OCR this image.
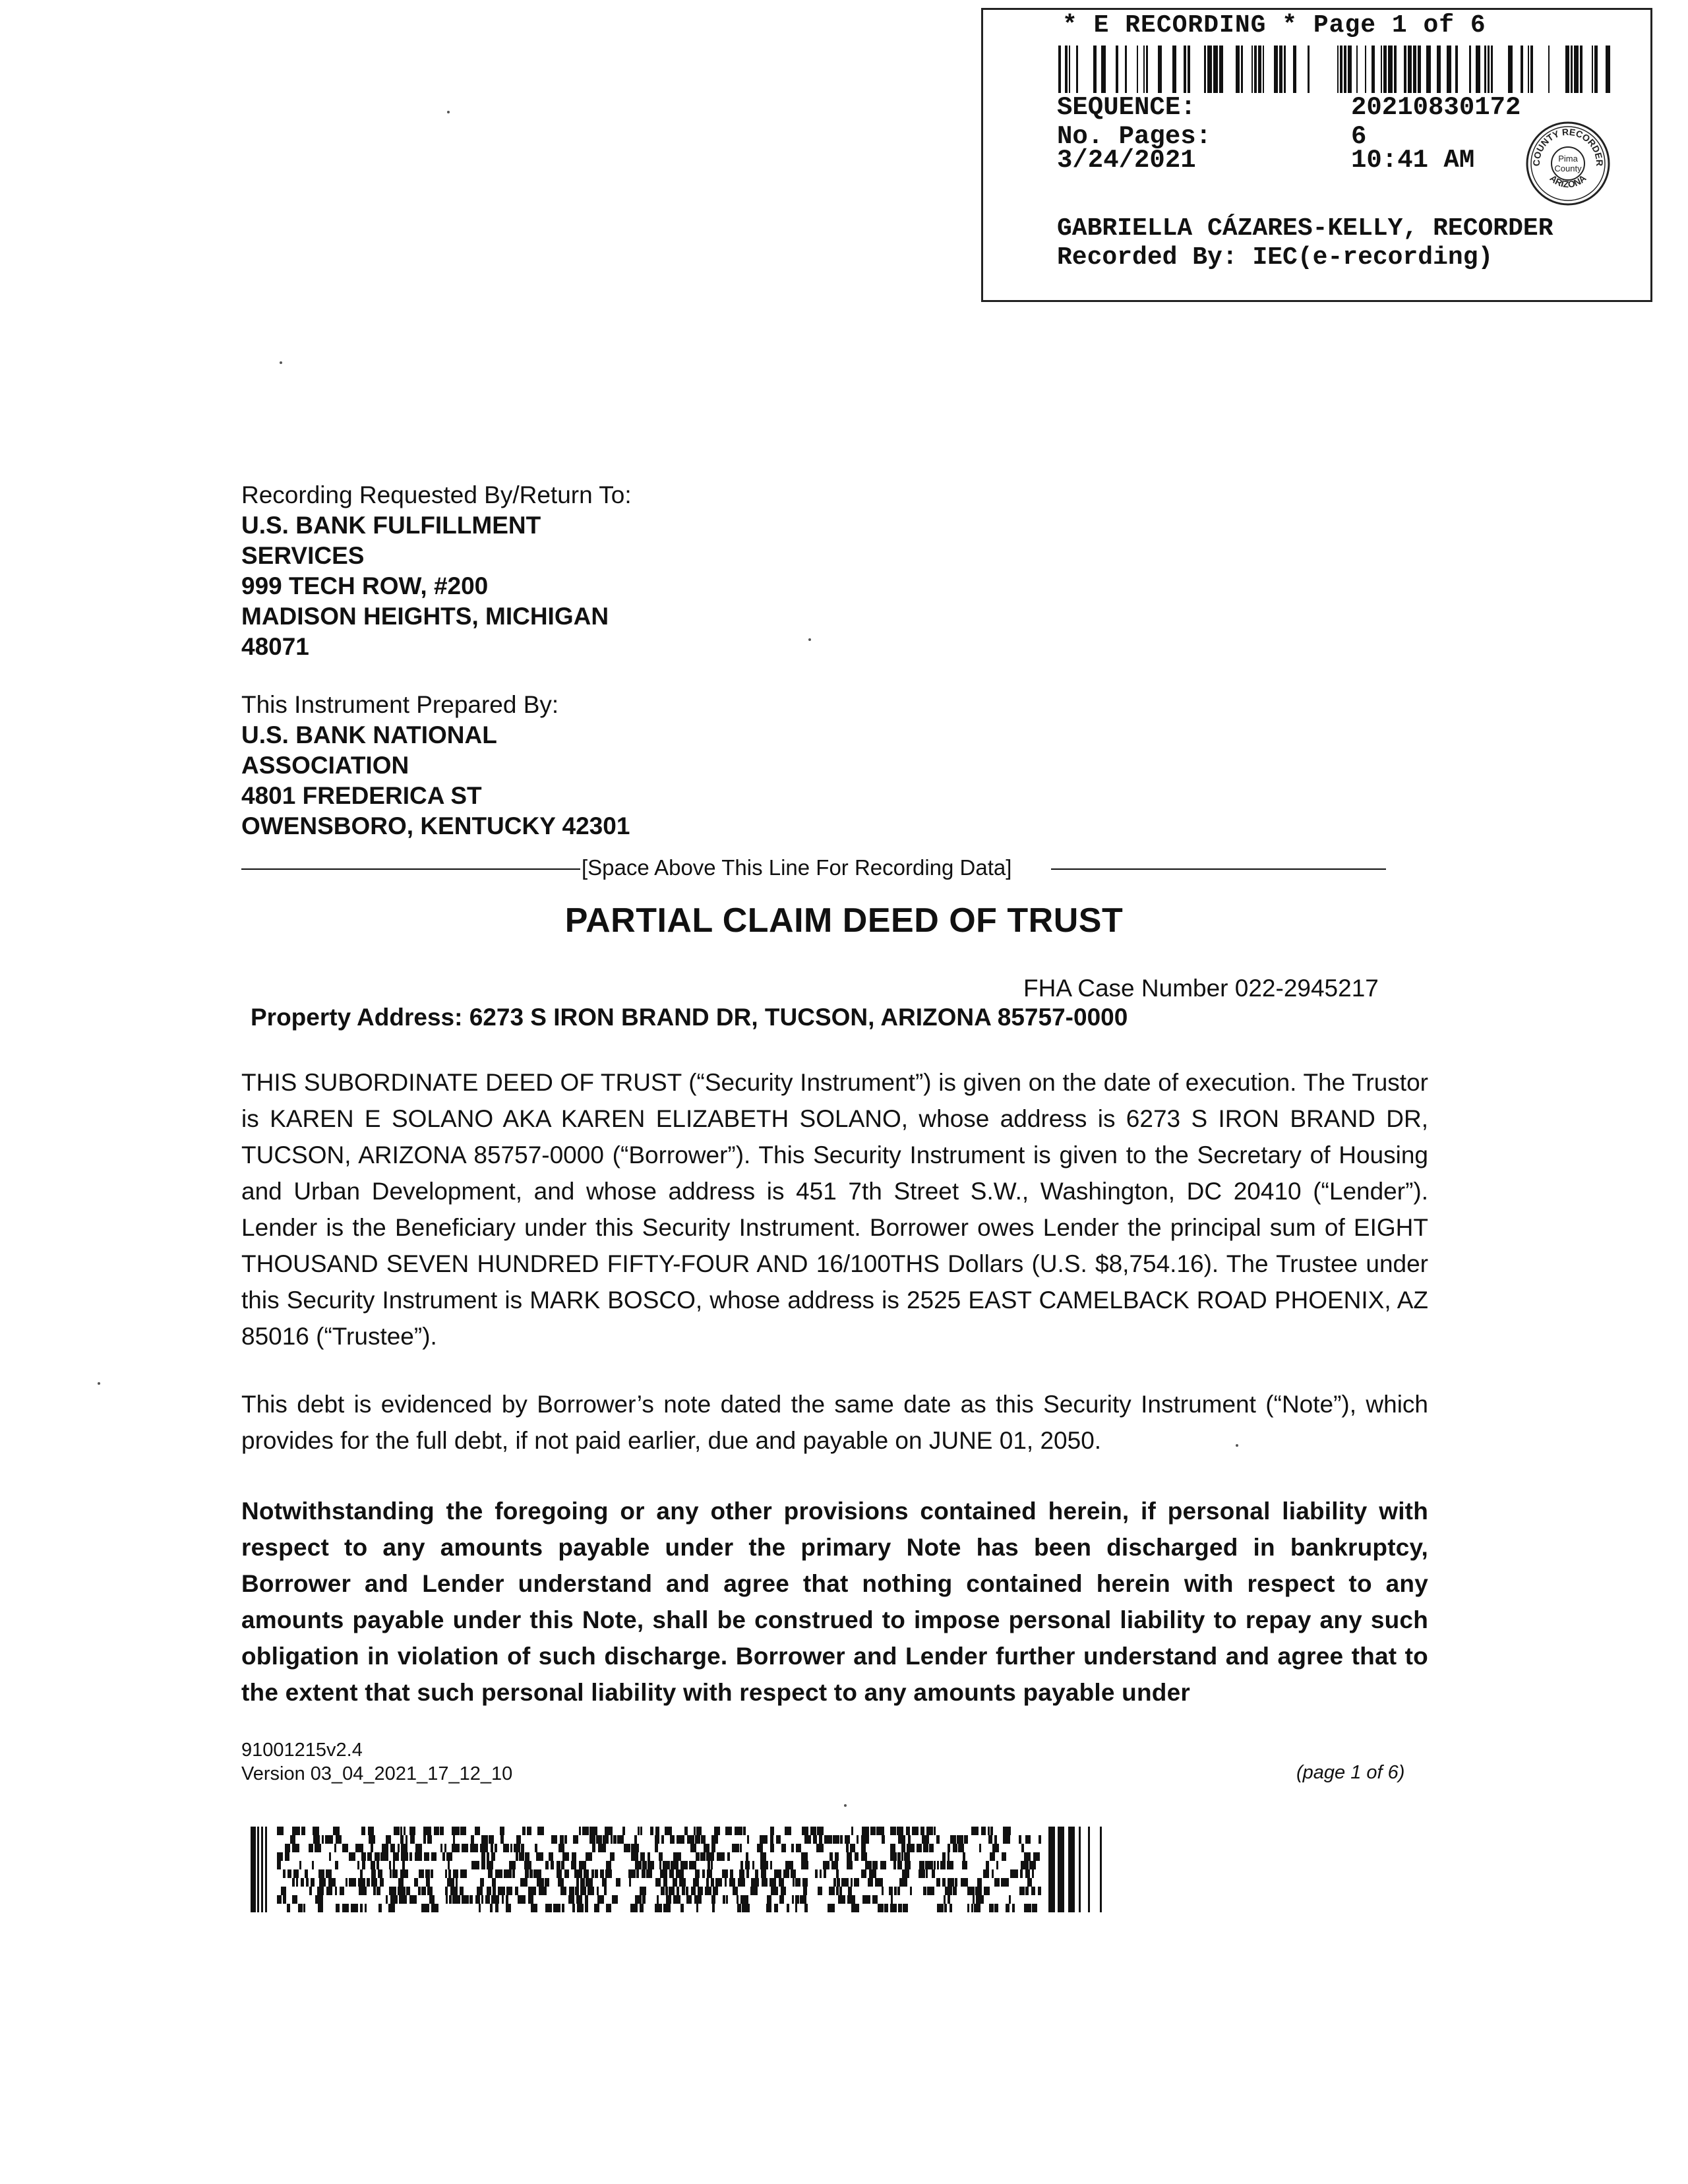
* E RECORDING * Page 1 of 6
SEQUENCE:	20210830172
No. Pages:	6
3/24/2021	10:41 AM	COUNTY RECORDER
ARIZONA
Pima
County
GABRIELLA CÁZARES-KELLY, RECORDER
Recorded By: IEC(e-recording)
Recording Requested By/Return To:
U.S. BANK FULFILLMENT
SERVICES
999 TECH ROW, #200
MADISON HEIGHTS, MICHIGAN
48071
This Instrument Prepared By:
U.S. BANK NATIONAL
ASSOCIATION
4801 FREDERICA ST
OWENSBORO, KENTUCKY 42301
[Space Above This Line For Recording Data]
PARTIAL CLAIM DEED OF TRUST
FHA Case Number 022-2945217
Property Address: 6273 S IRON BRAND DR, TUCSON, ARIZONA 85757-0000

THIS SUBORDINATE DEED OF TRUST (“Security Instrument”) is given on the date of execution. The Trustor is KAREN E SOLANO AKA KAREN ELIZABETH SOLANO, whose address is 6273 S IRON BRAND DR, TUCSON, ARIZONA 85757-0000 (“Borrower”). This Security Instrument is given to the Secretary of Housing and Urban Development, and whose address is 451 7th Street S.W., Washington, DC 20410 (“Lender”). Lender is the Beneficiary under this Security Instrument. Borrower owes Lender the principal sum of EIGHT THOUSAND SEVEN HUNDRED FIFTY-FOUR AND 16/100THS Dollars (U.S. $8,754.16). The Trustee under this Security Instrument is MARK BOSCO, whose address is 2525 EAST CAMELBACK ROAD PHOENIX, AZ 85016 (“Trustee”).

This debt is evidenced by Borrower’s note dated the same date as this Security Instrument (“Note”), which provides for the full debt, if not paid earlier, due and payable on JUNE 01, 2050.

Notwithstanding the foregoing or any other provisions contained herein, if personal liability with respect to any amounts payable under the primary Note has been discharged in bankruptcy, Borrower and Lender understand and agree that nothing contained herein with respect to any amounts payable under this Note, shall be construed to impose personal liability to repay any such obligation in violation of such discharge. Borrower and Lender further understand and agree that to the extent that such personal liability with respect to any amounts payable under

91001215v2.4
Version 03_04_2021_17_12_10	(page 1 of 6)
